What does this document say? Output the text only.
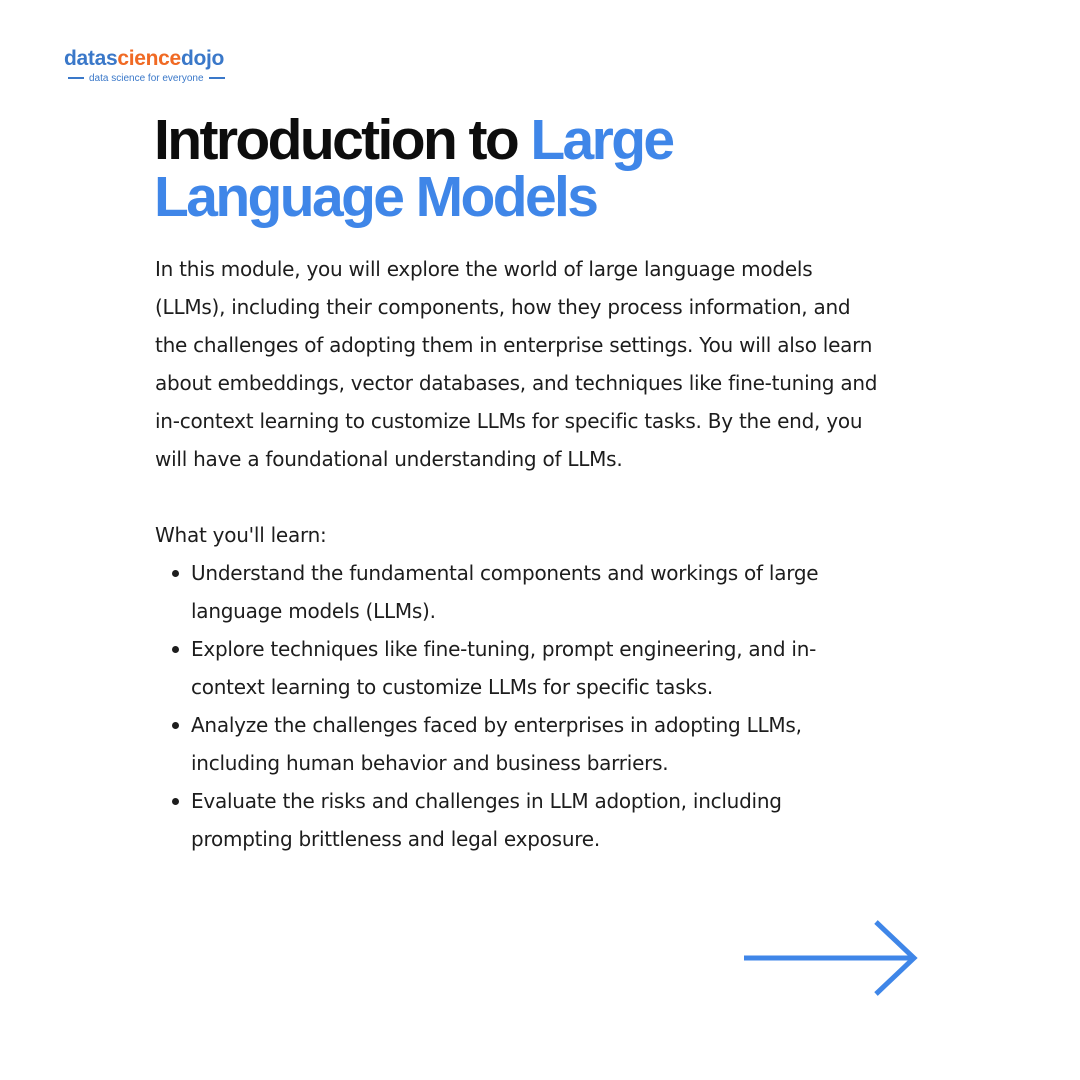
datasciencedojo
data science for everyone
Introduction to Large Language Models

In this module, you will explore the world of large language models (LLMs), including their components, how they process information, and the challenges of adopting them in enterprise settings. You will also learn about embeddings, vector databases, and techniques like fine-tuning and in-context learning to customize LLMs for specific tasks. By the end, you will have a foundational understanding of LLMs.

What you'll learn:

Understand the fundamental components and workings of large language models (LLMs).
Explore techniques like fine-tuning, prompt engineering, and in-context learning to customize LLMs for specific tasks.
Analyze the challenges faced by enterprises in adopting LLMs, including human behavior and business barriers.
Evaluate the risks and challenges in LLM adoption, including prompting brittleness and legal exposure.
